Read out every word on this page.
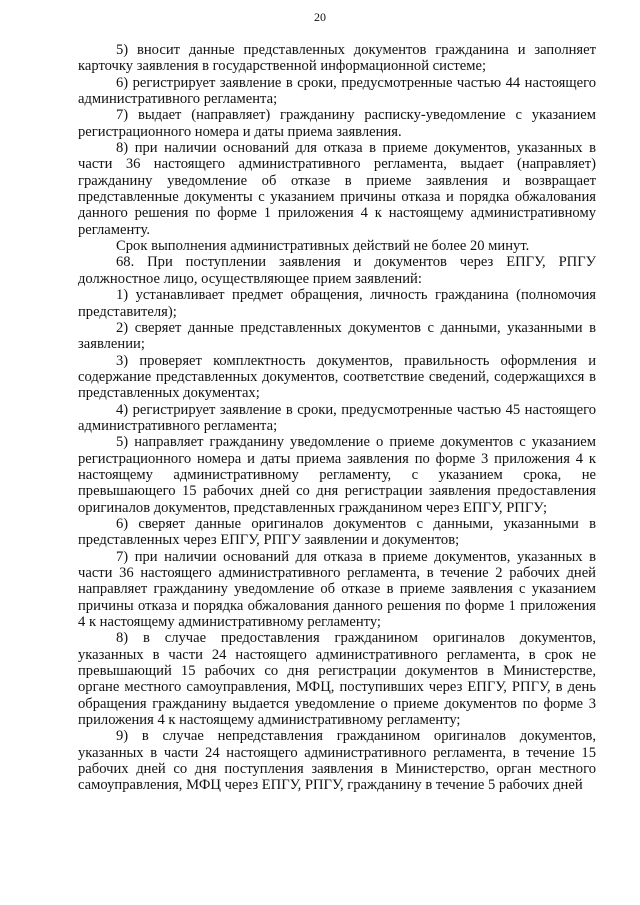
20

5) вносит данные представленных документов гражданина и заполняет карточку заявления в государственной информационной системе;

6) регистрирует заявление в сроки, предусмотренные частью 44 настоящего административного регламента;

7) выдает (направляет) гражданину расписку-уведомление с указанием регистрационного номера и даты приема заявления.

8) при наличии оснований для отказа в приеме документов, указанных в части 36 настоящего административного регламента, выдает (направляет) гражданину уведомление об отказе в приеме заявления и возвращает представленные документы с указанием причины отказа и порядка обжалования данного решения по форме 1 приложения 4 к настоящему административному регламенту.

Срок выполнения административных действий не более 20 минут.

68. При поступлении заявления и документов через ЕПГУ, РПГУ должностное лицо, осуществляющее прием заявлений:

1) устанавливает предмет обращения, личность гражданина (полномочия представителя);

2) сверяет данные представленных документов с данными, указанными в заявлении;

3) проверяет комплектность документов, правильность оформления и содержание представленных документов, соответствие сведений, содержащихся в представленных документах;

4) регистрирует заявление в сроки, предусмотренные частью 45 настоящего административного регламента;

5) направляет гражданину уведомление о приеме документов с указанием регистрационного номера и даты приема заявления по форме 3 приложения 4 к настоящему административному регламенту, с указанием срока, не превышающего 15 рабочих дней со дня регистрации заявления предоставления оригиналов документов, представленных гражданином через ЕПГУ, РПГУ;

6) сверяет данные оригиналов документов с данными, указанными в представленных через ЕПГУ, РПГУ заявлении и документов;

7) при наличии оснований для отказа в приеме документов, указанных в части 36 настоящего административного регламента, в течение 2 рабочих дней направляет гражданину уведомление об отказе в приеме заявления с указанием причины отказа и порядка обжалования данного решения по форме 1 приложения 4 к настоящему административному регламенту;

8) в случае предоставления гражданином оригиналов документов, указанных в части 24 настоящего административного регламента, в срок не превышающий 15 рабочих со дня регистрации документов в Министерстве, органе местного самоуправления, МФЦ, поступивших через ЕПГУ, РПГУ, в день обращения гражданину выдается уведомление о приеме документов по форме 3 приложения 4 к настоящему административному регламенту;

9) в случае непредставления гражданином оригиналов документов, указанных в части 24 настоящего административного регламента, в течение 15 рабочих дней со дня поступления заявления в Министерство, орган местного самоуправления, МФЦ через ЕПГУ, РПГУ, гражданину в течение 5 рабочих дней
